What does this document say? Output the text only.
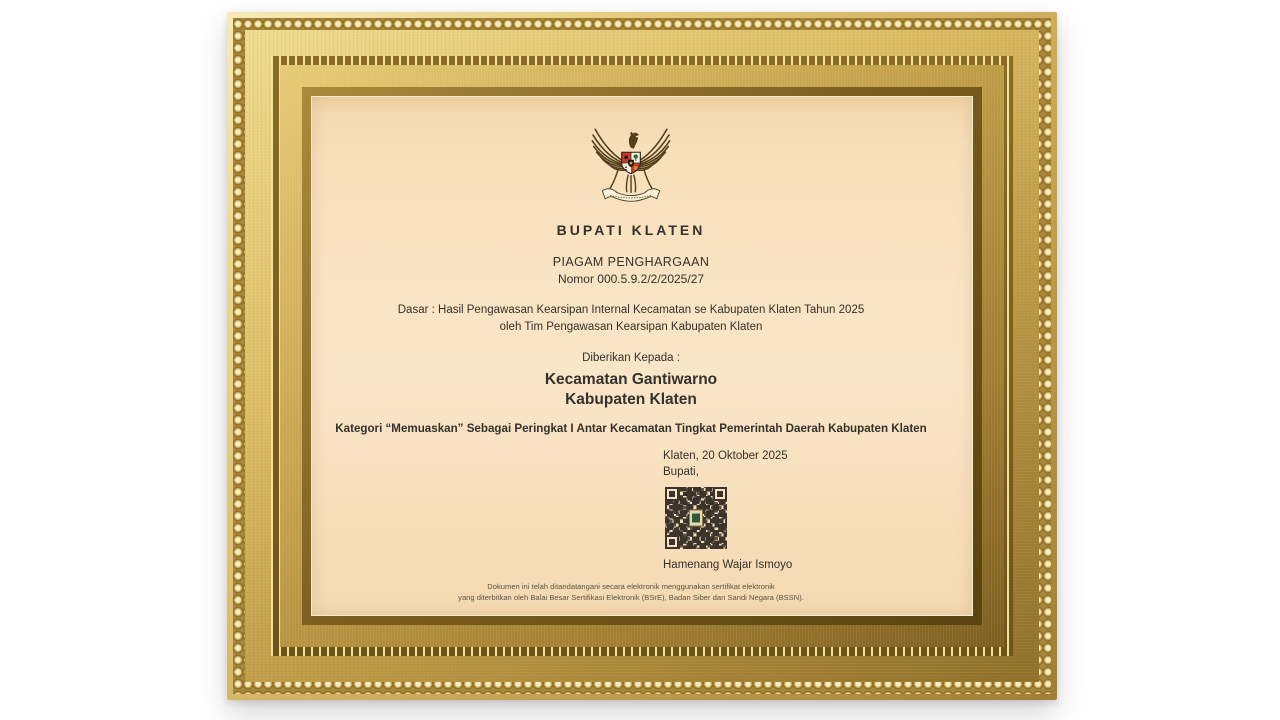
BUPATI KLATEN
PIAGAM PENGHARGAAN
Nomor 000.5.9.2/2/2025/27
Dasar : Hasil Pengawasan Kearsipan Internal Kecamatan se Kabupaten Klaten Tahun 2025
oleh Tim Pengawasan Kearsipan Kabupaten Klaten
Diberikan Kepada :
Kecamatan Gantiwarno
Kabupaten Klaten
Kategori “Memuaskan” Sebagai Peringkat I Antar Kecamatan Tingkat Pemerintah Daerah Kabupaten Klaten
Klaten, 20 Oktober 2025
Bupati,
Hamenang Wajar Ismoyo
Dokumen ini telah ditandatangani secara elektronik menggunakan sertifikat elektronik
yang diterbitkan oleh Balai Besar Sertifikasi Elektronik (BSrE), Badan Siber dan Sandi Negara (BSSN).
